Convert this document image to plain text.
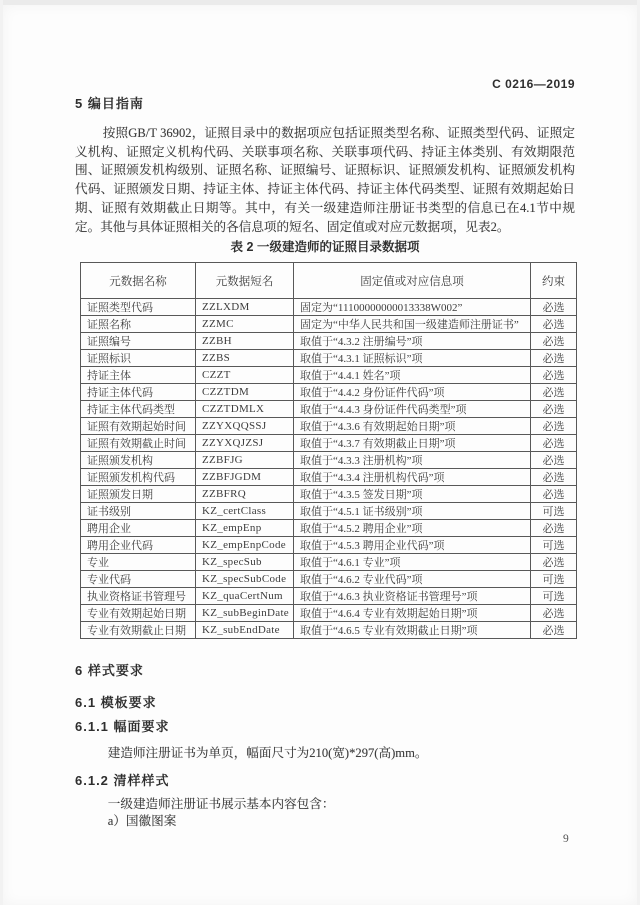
C 0216—2019
5 编目指南
按照GB/T 36902，证照目录中的数据项应包括证照类型名称、证照类型代码、证照定义机构、证照定义机构代码、关联事项名称、关联事项代码、持证主体类别、有效期限范围、证照颁发机构级别、证照名称、证照编号、证照标识、证照颁发机构、证照颁发机构代码、证照颁发日期、持证主体、持证主体代码、持证主体代码类型、证照有效期起始日期、证照有效期截止日期等。其中，有关一级建造师注册证书类型的信息已在4.1节中规定。其他与具体证照相关的各信息项的短名、固定值或对应元数据项，见表2。
表 2 一级建造师的证照目录数据项
元数据名称	元数据短名	固定值或对应信息项	约束
证照类型代码	ZZLXDM	固定为“11100000000013338W002”	必选
证照名称	ZZMC	固定为“中华人民共和国一级建造师注册证书”	必选
证照编号	ZZBH	取值于“4.3.2 注册编号”项	必选
证照标识	ZZBS	取值于“4.3.1 证照标识”项	必选
持证主体	CZZT	取值于“4.4.1 姓名”项	必选
持证主体代码	CZZTDM	取值于“4.4.2 身份证件代码”项	必选
持证主体代码类型	CZZTDMLX	取值于“4.4.3 身份证件代码类型”项	必选
证照有效期起始时间	ZZYXQQSSJ	取值于“4.3.6 有效期起始日期”项	必选
证照有效期截止时间	ZZYXQJZSJ	取值于“4.3.7 有效期截止日期”项	必选
证照颁发机构	ZZBFJG	取值于“4.3.3 注册机构”项	必选
证照颁发机构代码	ZZBFJGDM	取值于“4.3.4 注册机构代码”项	必选
证照颁发日期	ZZBFRQ	取值于“4.3.5 签发日期”项	必选
证书级别	KZ_certClass	取值于“4.5.1 证书级别”项	可选
聘用企业	KZ_empEnp	取值于“4.5.2 聘用企业”项	必选
聘用企业代码	KZ_empEnpCode	取值于“4.5.3 聘用企业代码”项	可选
专业	KZ_specSub	取值于“4.6.1 专业”项	必选
专业代码	KZ_specSubCode	取值于“4.6.2 专业代码”项	可选
执业资格证书管理号	KZ_quaCertNum	取值于“4.6.3 执业资格证书管理号”项	可选
专业有效期起始日期	KZ_subBeginDate	取值于“4.6.4 专业有效期起始日期”项	必选
专业有效期截止日期	KZ_subEndDate	取值于“4.6.5 专业有效期截止日期”项	必选
6 样式要求
6.1 模板要求
6.1.1 幅面要求
建造师注册证书为单页，幅面尺寸为210(宽)*297(高)mm。
6.1.2 清样样式
一级建造师注册证书展示基本内容包含：
a）国徽图案
9
